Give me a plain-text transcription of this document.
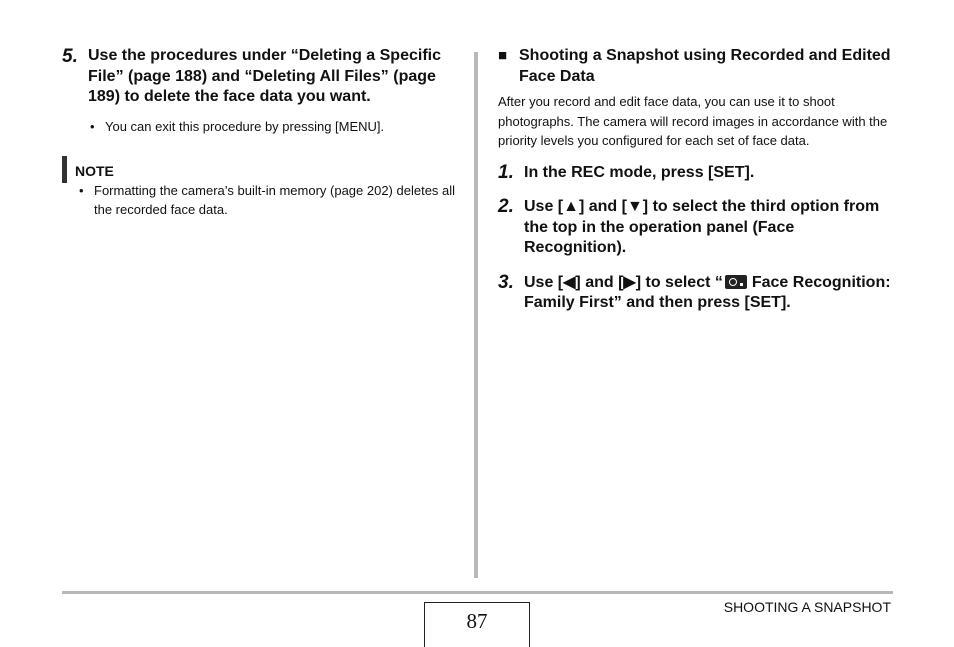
5. Use the procedures under “Deleting a Specific File” (page 188) and “Deleting All Files” (page 189) to delete the face data you want.
• You can exit this procedure by pressing [MENU].
NOTE
• Formatting the camera’s built-in memory (page 202) deletes all the recorded face data.
■ Shooting a Snapshot using Recorded and Edited Face Data
After you record and edit face data, you can use it to shoot photographs. The camera will record images in accordance with the priority levels you configured for each set of face data.
1. In the REC mode, press [SET].
2. Use [▲] and [▼] to select the third option from the top in the operation panel (Face Recognition).
3. Use [◀] and [▶] to select “ Face Recognition: Family First” and then press [SET].
87
SHOOTING A SNAPSHOT
